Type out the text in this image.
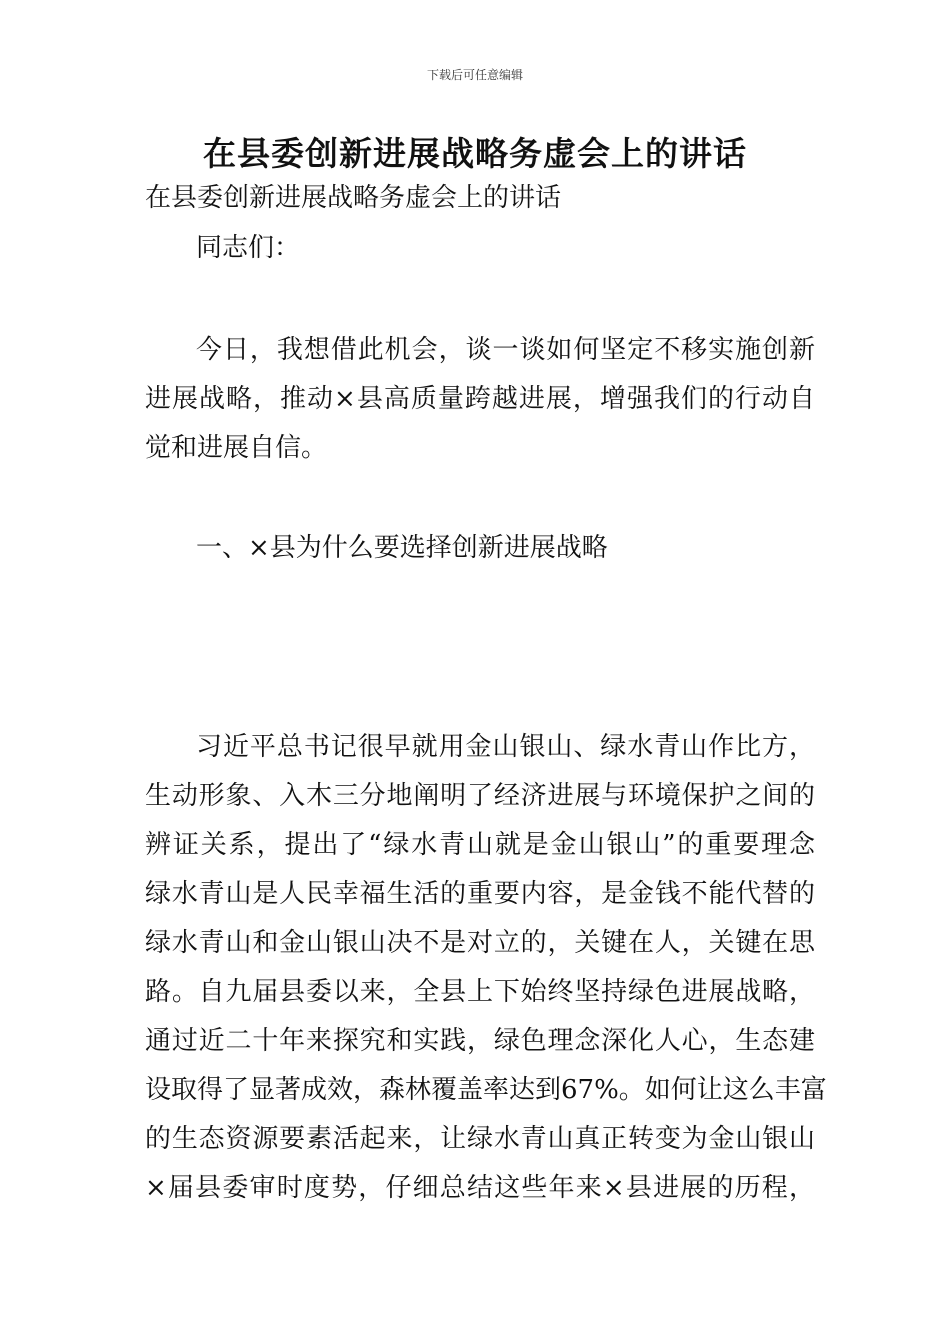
下载后可任意编辑
在县委创新进展战略务虚会上的讲话
在县委创新进展战略务虚会上的讲话
同志们：
今日，我想借此机会，谈一谈如何坚定不移实施创新
进展战略，推动×县高质量跨越进展，增强我们的行动自
觉和进展自信。
一、×县为什么要选择创新进展战略
习近平总书记很早就用金山银山、绿水青山作比方，
生动形象、入木三分地阐明了经济进展与环境保护之间的
辨证关系，提出了“绿水青山就是金山银山”的重要理念
绿水青山是人民幸福生活的重要内容，是金钱不能代替的
绿水青山和金山银山决不是对立的，关键在人，关键在思
路。自九届县委以来，全县上下始终坚持绿色进展战略，
通过近二十年来探究和实践，绿色理念深化人心，生态建
设取得了显著成效，森林覆盖率达到67%。如何让这么丰富
的生态资源要素活起来，让绿水青山真正转变为金山银山
×届县委审时度势，仔细总结这些年来×县进展的历程，
